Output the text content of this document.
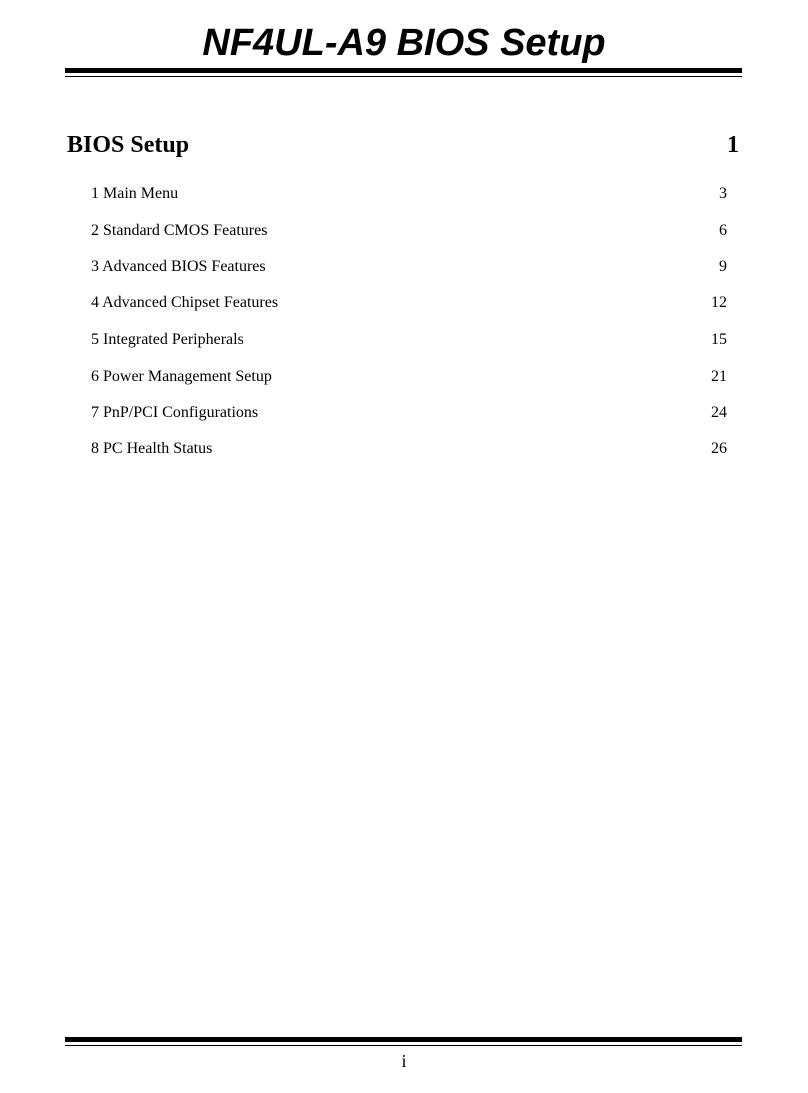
NF4UL-A9 BIOS Setup
BIOS Setup	1
1 Main Menu	3
2 Standard CMOS Features	6
3 Advanced BIOS Features	9
4 Advanced Chipset Features	12
5 Integrated Peripherals	15
6 Power Management Setup	21
7 PnP/PCI Configurations	24
8 PC Health Status	26
i
